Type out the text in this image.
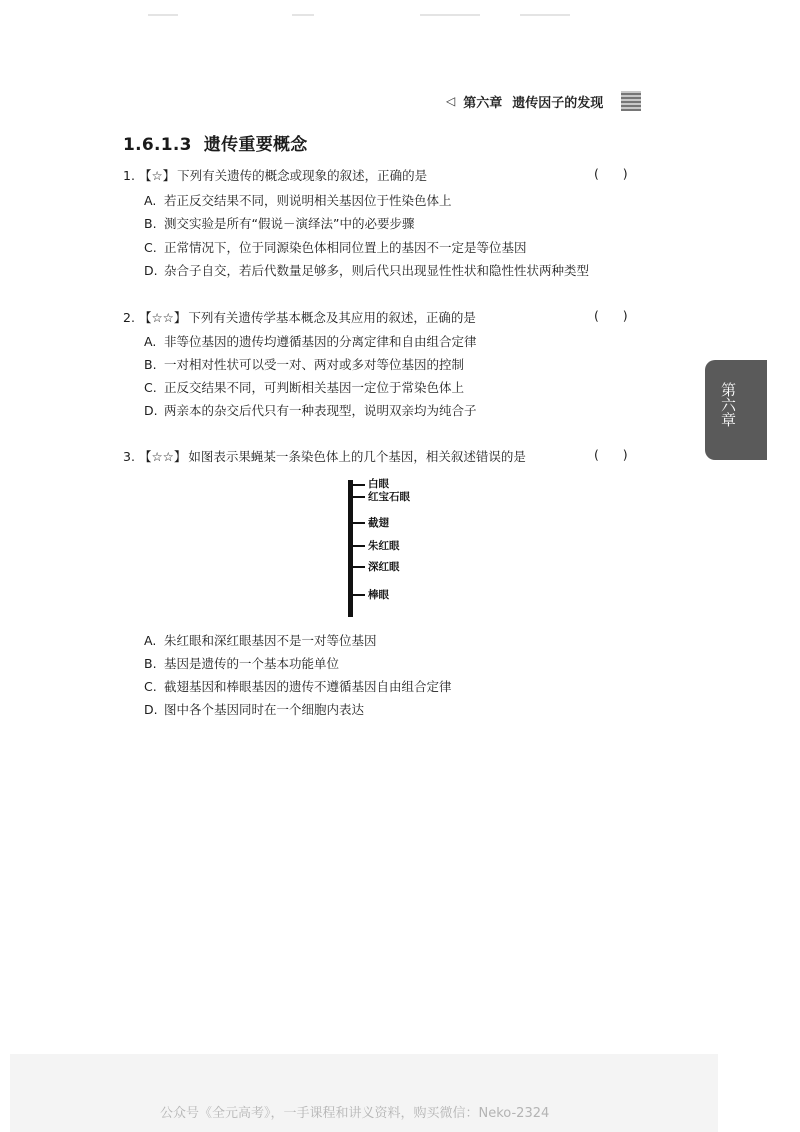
◁ 第六章 遗传因子的发现
1.6.1.3 遗传重要概念
1. 【☆】 下列有关遗传的概念或现象的叙述，正确的是	(      )
A. 若正反交结果不同，则说明相关基因位于性染色体上
B. 测交实验是所有“假说－演绎法”中的必要步骤
C. 正常情况下，位于同源染色体相同位置上的基因不一定是等位基因
D. 杂合子自交，若后代数量足够多，则后代只出现显性性状和隐性性状两种类型
2. 【☆☆】 下列有关遗传学基本概念及其应用的叙述，正确的是	(      )
A. 非等位基因的遗传均遵循基因的分离定律和自由组合定律
B. 一对相对性状可以受一对、两对或多对等位基因的控制
C. 正反交结果不同，可判断相关基因一定位于常染色体上
D. 两亲本的杂交后代只有一种表现型，说明双亲均为纯合子
3. 【☆☆】 如图表示果蝇某一条染色体上的几个基因，相关叙述错误的是	(      )
白眼
红宝石眼
截翅
朱红眼
深红眼
棒眼
A. 朱红眼和深红眼基因不是一对等位基因
B. 基因是遗传的一个基本功能单位
C. 截翅基因和棒眼基因的遗传不遵循基因自由组合定律
D. 图中各个基因同时在一个细胞内表达
第六章
公众号《全元高考》，一手课程和讲义资料，购买微信：Neko-2324
